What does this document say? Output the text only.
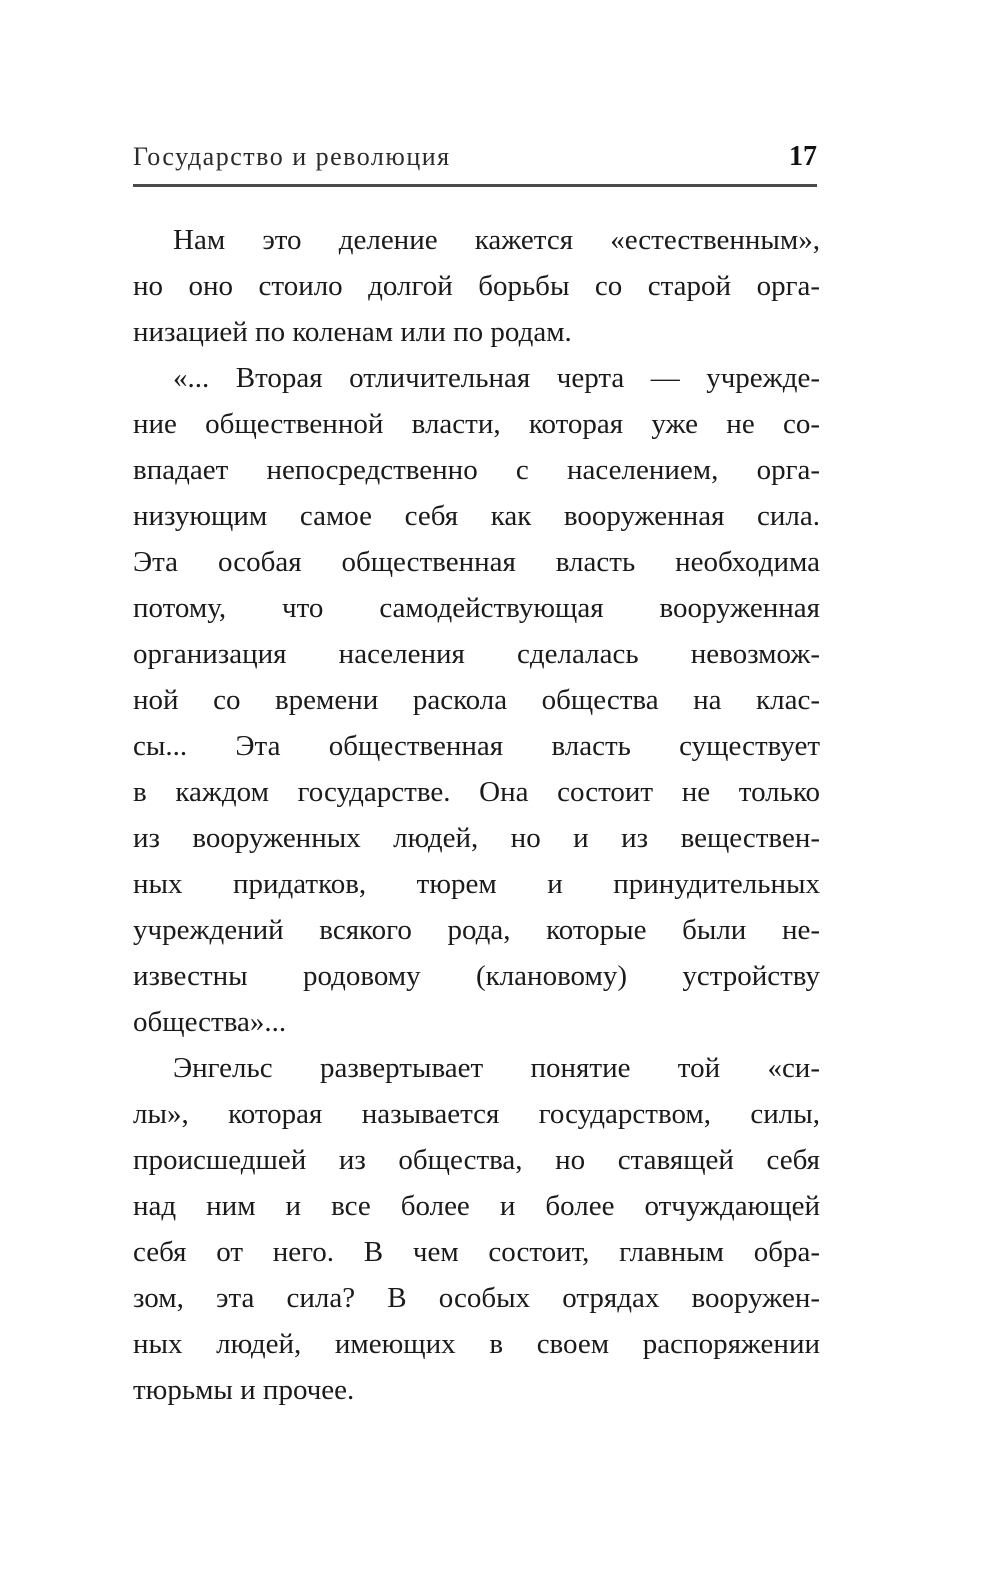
Государство и революция	17
Нам это деление кажется «естественным»,
но оно стоило долгой борьбы со старой орга-
низацией по коленам или по родам.
«... Вторая отличительная черта — учрежде-
ние общественной власти, которая уже не со-
впадает непосредственно с населением, орга-
низующим самое себя как вооруженная сила.
Эта особая общественная власть необходима
потому, что самодействующая вооруженная
организация населения сделалась невозмож-
ной со времени раскола общества на клас-
сы... Эта общественная власть существует
в каждом государстве. Она состоит не только
из вооруженных людей, но и из веществен-
ных придатков, тюрем и принудительных
учреждений всякого рода, которые были не-
известны родовому (клановому) устройству
общества»...
Энгельс развертывает понятие той «си-
лы», которая называется государством, силы,
происшедшей из общества, но ставящей себя
над ним и все более и более отчуждающей
себя от него. В чем состоит, главным обра-
зом, эта сила? В особых отрядах вооружен-
ных людей, имеющих в своем распоряжении
тюрьмы и прочее.
